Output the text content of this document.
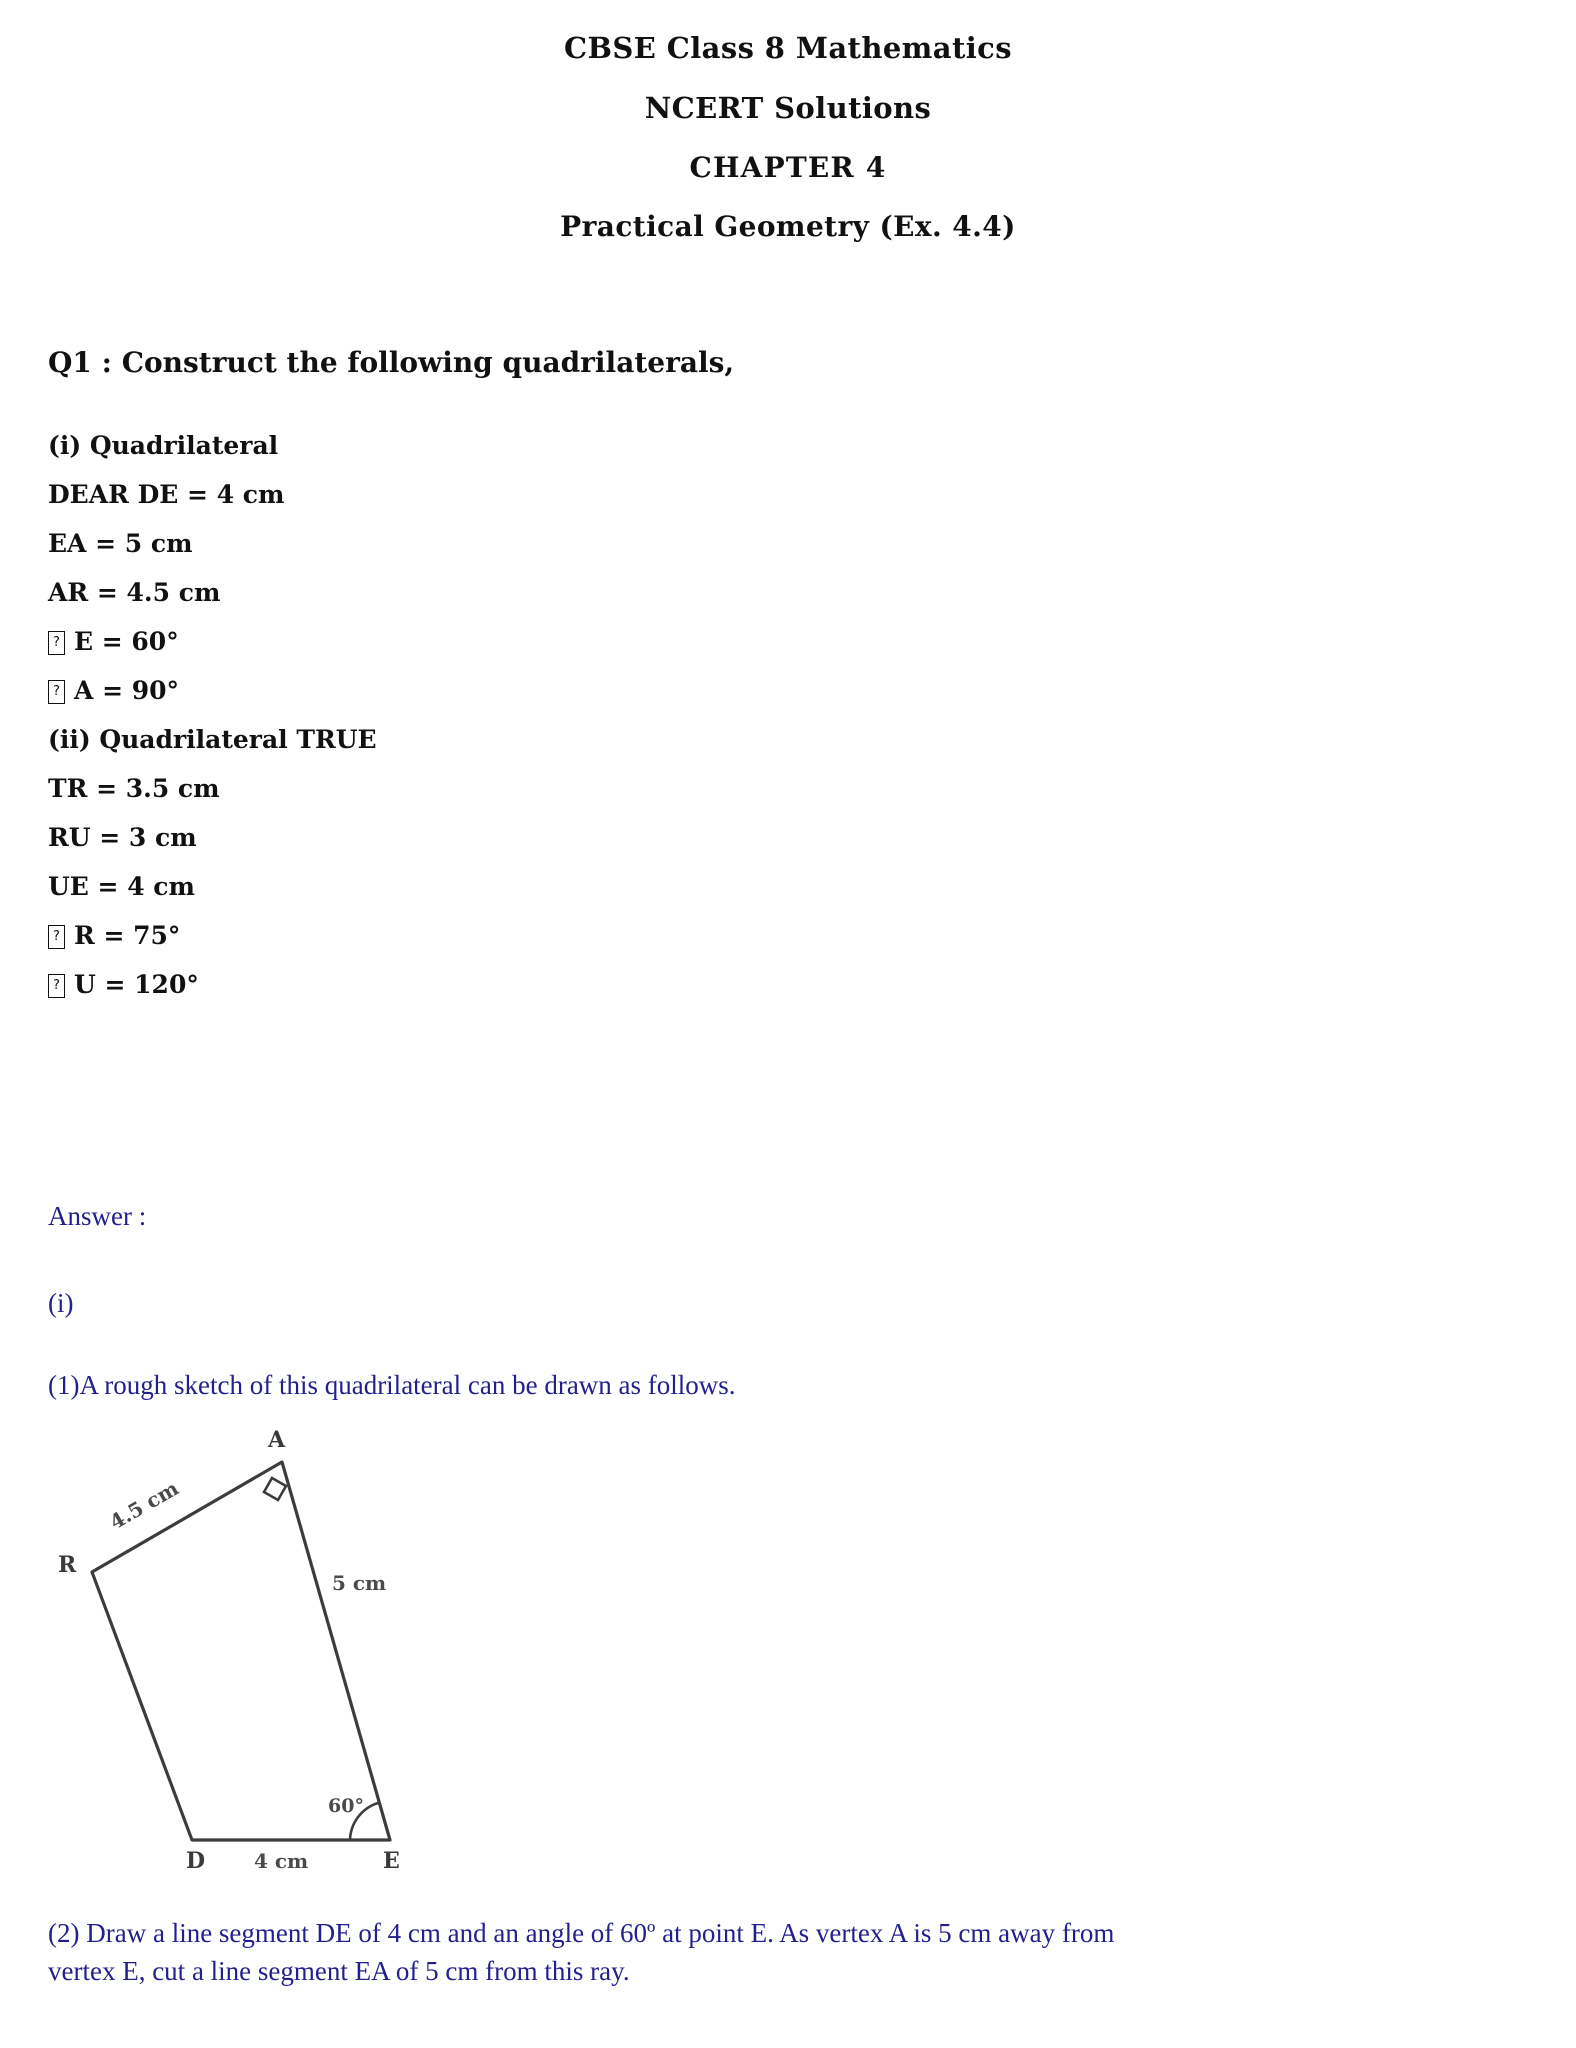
CBSE Class 8 Mathematics
NCERT Solutions
CHAPTER 4
Practical Geometry (Ex. 4.4)
Q1 : Construct the following quadrilaterals,
(i) Quadrilateral
DEAR DE = 4 cm
EA = 5 cm
AR = 4.5 cm
? E = 60°
? A = 90°
(ii) Quadrilateral TRUE
TR = 3.5 cm
RU = 3 cm
UE = 4 cm
? R = 75°
? U = 120°
Answer :
(i)
(1)A rough sketch of this quadrilateral can be drawn as follows.
(2) Draw a line segment DE of 4 cm and an angle of 60º at point E. As vertex A is 5 cm away from vertex E, cut a line segment EA of 5 cm from this ray.
R
A
E
D
4.5 cm
5 cm
4 cm
60°
